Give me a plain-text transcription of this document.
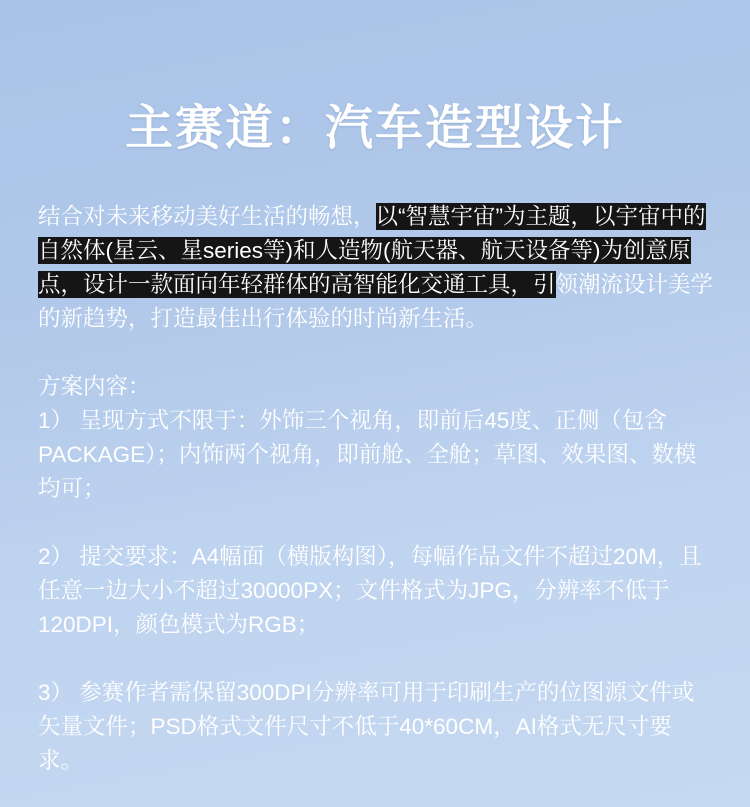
主赛道：汽车造型设计

结合对未来移动美好生活的畅想，以“智慧宇宙”为主题，以宇宙中的自然体(星云、星series等)和人造物(航天器、航天设备等)为创意原点，设计一款面向年轻群体的高智能化交通工具，引领潮流设计美学的新趋势，打造最佳出行体验的时尚新生活。

方案内容：

1） 呈现方式不限于：外饰三个视角，即前后45度、正侧（包含PACKAGE）；内饰两个视角，即前舱、全舱；草图、效果图、数模均可；

2） 提交要求：A4幅面（横版构图），每幅作品文件不超过20M，且任意一边大小不超过30000PX；文件格式为JPG，分辨率不低于120DPI，颜色模式为RGB；

3） 参赛作者需保留300DPI分辨率可用于印刷生产的位图源文件或矢量文件；PSD格式文件尺寸不低于40*60CM，AI格式无尺寸要求。
